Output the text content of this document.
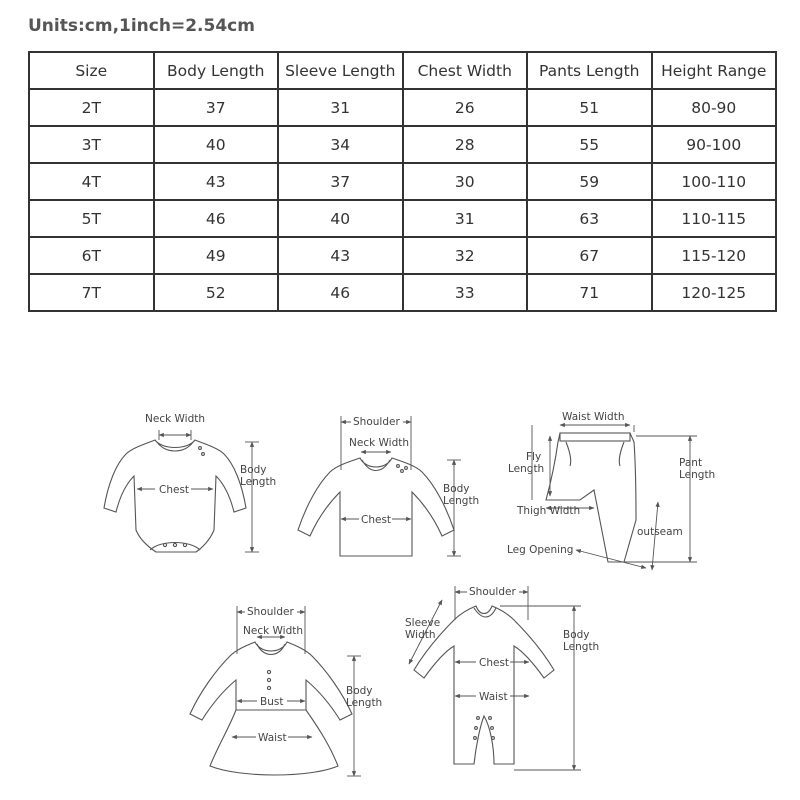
Units:cm,1inch=2.54cm
Size	Body Length	Sleeve Length	Chest Width	Pants Length	Height Range
2T	37	31	26	51	80-90
3T	40	34	28	55	90-100
4T	43	37	30	59	100-110
5T	46	40	31	63	110-115
6T	49	43	32	67	115-120
7T	52	46	33	71	120-125
Neck Width
Chest
Body
Length
Shoulder
Neck Width
Chest
Body
Length
Waist Width
Fly
Length	Pant
Length
Thigh Width
outseam
Leg Opening
Shoulder
Neck Width
Bust
Waist
Body
Length
Shoulder
Sleeve
Width
Chest
Waist
Body
Length
